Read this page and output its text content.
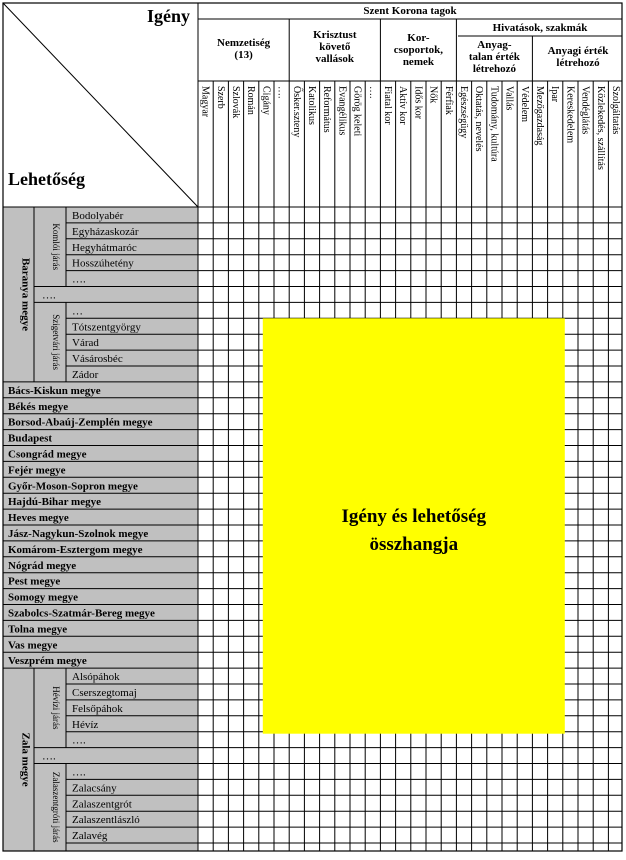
Igény és lehetőség
összhangja
Szent Korona tagok
Nemzetiség
(13)
Krisztust
követő
vallások
Kor-
csoportok,
nemek
Hivatások, szakmák
Anyag-
talan érték
létrehozó
Anyagi érték
létrehozó
Magyar Szerb Szlovák Román Cigány …. Ősker.szteny Katolikus Református Evangélikus Görög keleti …. Fiatal kor Aktív kor Idős kor Nők Férfiak Egészségügy Oktatás, nevelés Tudomány, kultúra Vallás Védelem Mezőgazdaság Ipar Kereskedelem Vendéglátás Közlekedés, szállítás Szolgáltatás
Igény
Lehetőség
Baranya megye
Komlói járás
Bodolyabér
Egyházaskozár
Hegyhátmaróc
Hosszúhetény
….
….
Szigetvári járás
…
Tótszentgyörgy
Várad
Vásárosbéc
Zádor
Bács-Kiskun megye
Békés megye
Borsod-Abaúj-Zemplén megye
Budapest
Csongrád megye
Fejér megye
Győr-Moson-Sopron megye
Hajdú-Bihar megye
Heves megye
Jász-Nagykun-Szolnok megye
Komárom-Esztergom megye
Nógrád megye
Pest megye
Somogy megye
Szabolcs-Szatmár-Bereg megye
Tolna megye
Vas megye
Veszprém megye
Zala megye
Hévízi járás
Alsópáhok
Cserszegtomaj
Felsőpáhok
Hévíz
….
….
Zalaszentgróti járás ….
Zalacsány
Zalaszentgrót
Zalaszentlászló
Zalavég
